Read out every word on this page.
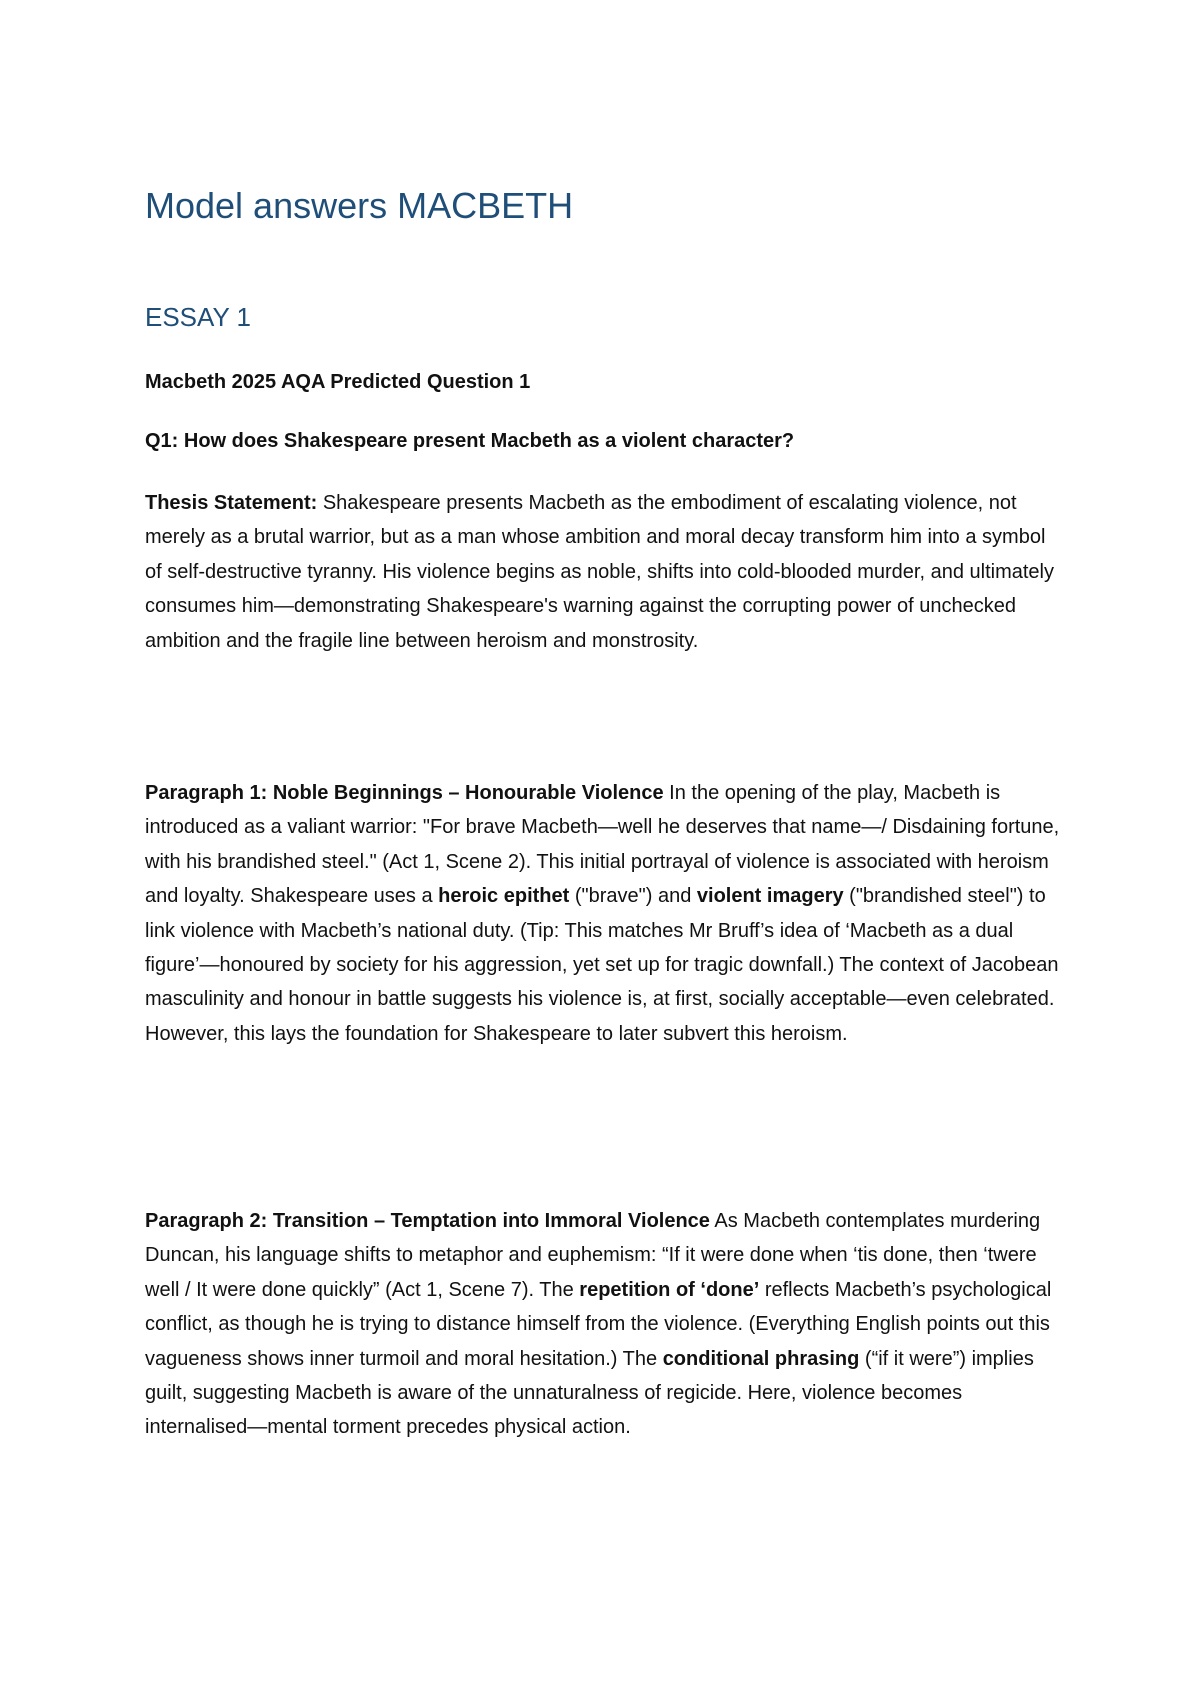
Model answers MACBETH
ESSAY 1

Macbeth 2025 AQA Predicted Question 1

Q1: How does Shakespeare present Macbeth as a violent character?

Thesis Statement: Shakespeare presents Macbeth as the embodiment of escalating violence, not merely as a brutal warrior, but as a man whose ambition and moral decay transform him into a symbol of self-destructive tyranny. His violence begins as noble, shifts into cold-blooded murder, and ultimately consumes him—demonstrating Shakespeare's warning against the corrupting power of unchecked ambition and the fragile line between heroism and monstrosity.

Paragraph 1: Noble Beginnings – Honourable Violence In the opening of the play, Macbeth is introduced as a valiant warrior: "For brave Macbeth—well he deserves that name—/ Disdaining fortune, with his brandished steel." (Act 1, Scene 2). This initial portrayal of violence is associated with heroism and loyalty. Shakespeare uses a heroic epithet ("brave") and violent imagery ("brandished steel") to link violence with Macbeth’s national duty. (Tip: This matches Mr Bruff’s idea of ‘Macbeth as a dual figure’—honoured by society for his aggression, yet set up for tragic downfall.) The context of Jacobean masculinity and honour in battle suggests his violence is, at first, socially acceptable—even celebrated. However, this lays the foundation for Shakespeare to later subvert this heroism.

Paragraph 2: Transition – Temptation into Immoral Violence As Macbeth contemplates murdering Duncan, his language shifts to metaphor and euphemism: “If it were done when ‘tis done, then ‘twere well / It were done quickly” (Act 1, Scene 7). The repetition of ‘done’ reflects Macbeth’s psychological conflict, as though he is trying to distance himself from the violence. (Everything English points out this vagueness shows inner turmoil and moral hesitation.) The conditional phrasing (“if it were”) implies guilt, suggesting Macbeth is aware of the unnaturalness of regicide. Here, violence becomes internalised—mental torment precedes physical action.
